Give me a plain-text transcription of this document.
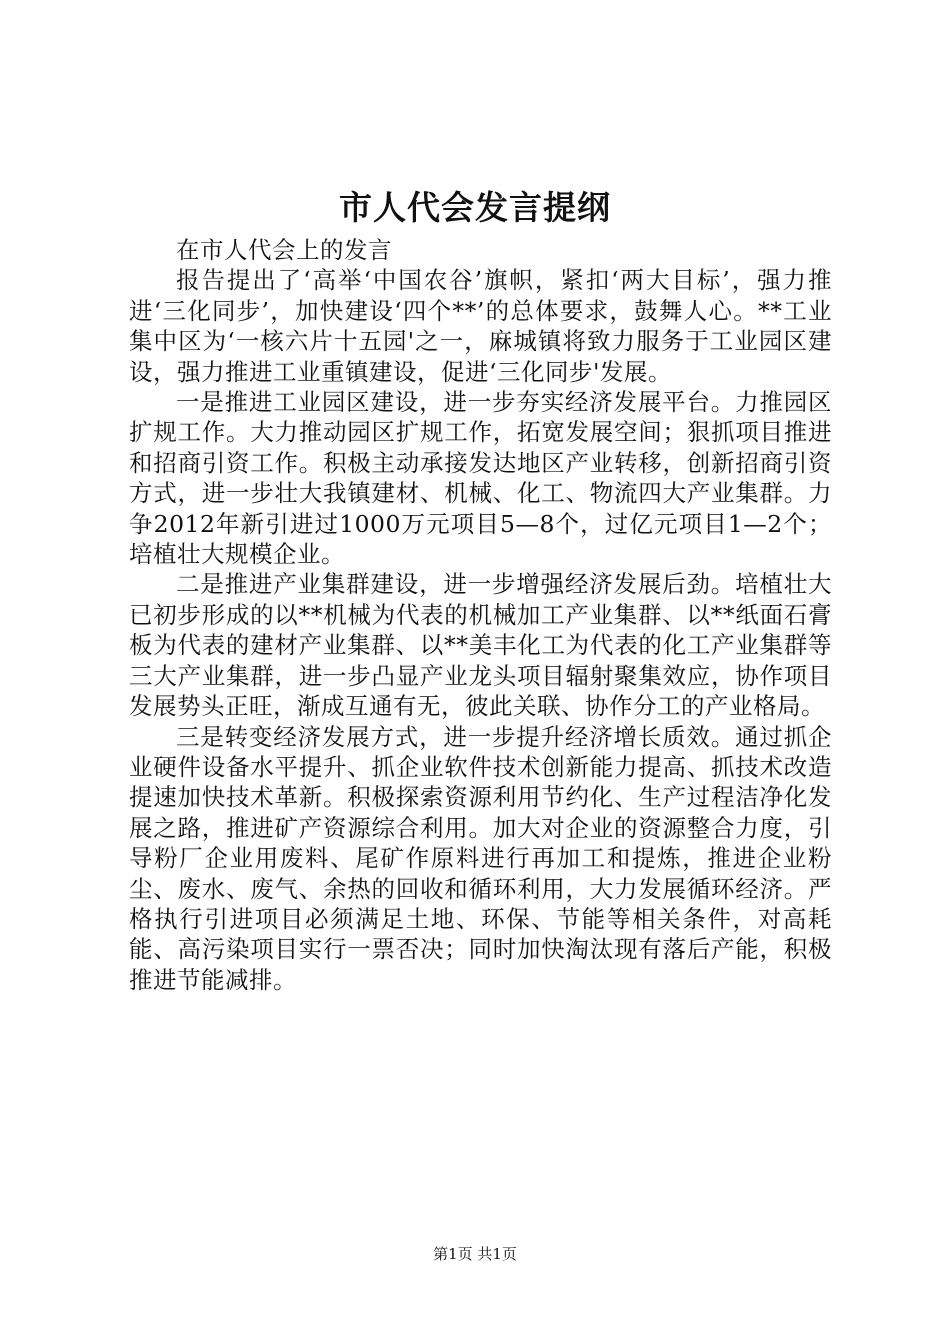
市人代会发言提纲

在市人代会上的发言

报告提出了‘高举‘中国农谷’旗帜，紧扣‘两大目标’，强力推进‘三化同步’，加快建设‘四个**’的总体要求，鼓舞人心。**工业集中区为‘一核六片十五园'之一，麻城镇将致力服务于工业园区建设，强力推进工业重镇建设，促进‘三化同步'发展。

一是推进工业园区建设，进一步夯实经济发展平台。力推园区扩规工作。大力推动园区扩规工作，拓宽发展空间；狠抓项目推进和招商引资工作。积极主动承接发达地区产业转移，创新招商引资方式，进一步壮大我镇建材、机械、化工、物流四大产业集群。力争2012年新引进过1000万元项目5—8个，过亿元项目1—2个；培植壮大规模企业。

二是推进产业集群建设，进一步增强经济发展后劲。培植壮大已初步形成的以**机械为代表的机械加工产业集群、以**纸面石膏板为代表的建材产业集群、以**美丰化工为代表的化工产业集群等三大产业集群，进一步凸显产业龙头项目辐射聚集效应，协作项目发展势头正旺，渐成互通有无，彼此关联、协作分工的产业格局。

三是转变经济发展方式，进一步提升经济增长质效。通过抓企业硬件设备水平提升、抓企业软件技术创新能力提高、抓技术改造提速加快技术革新。积极探索资源利用节约化、生产过程洁净化发展之路，推进矿产资源综合利用。加大对企业的资源整合力度，引导粉厂企业用废料、尾矿作原料进行再加工和提炼，推进企业粉尘、废水、废气、余热的回收和循环利用，大力发展循环经济。严格执行引进项目必须满足土地、环保、节能等相关条件，对高耗能、高污染项目实行一票否决；同时加快淘汰现有落后产能，积极推进节能减排。

第1页 共1页
